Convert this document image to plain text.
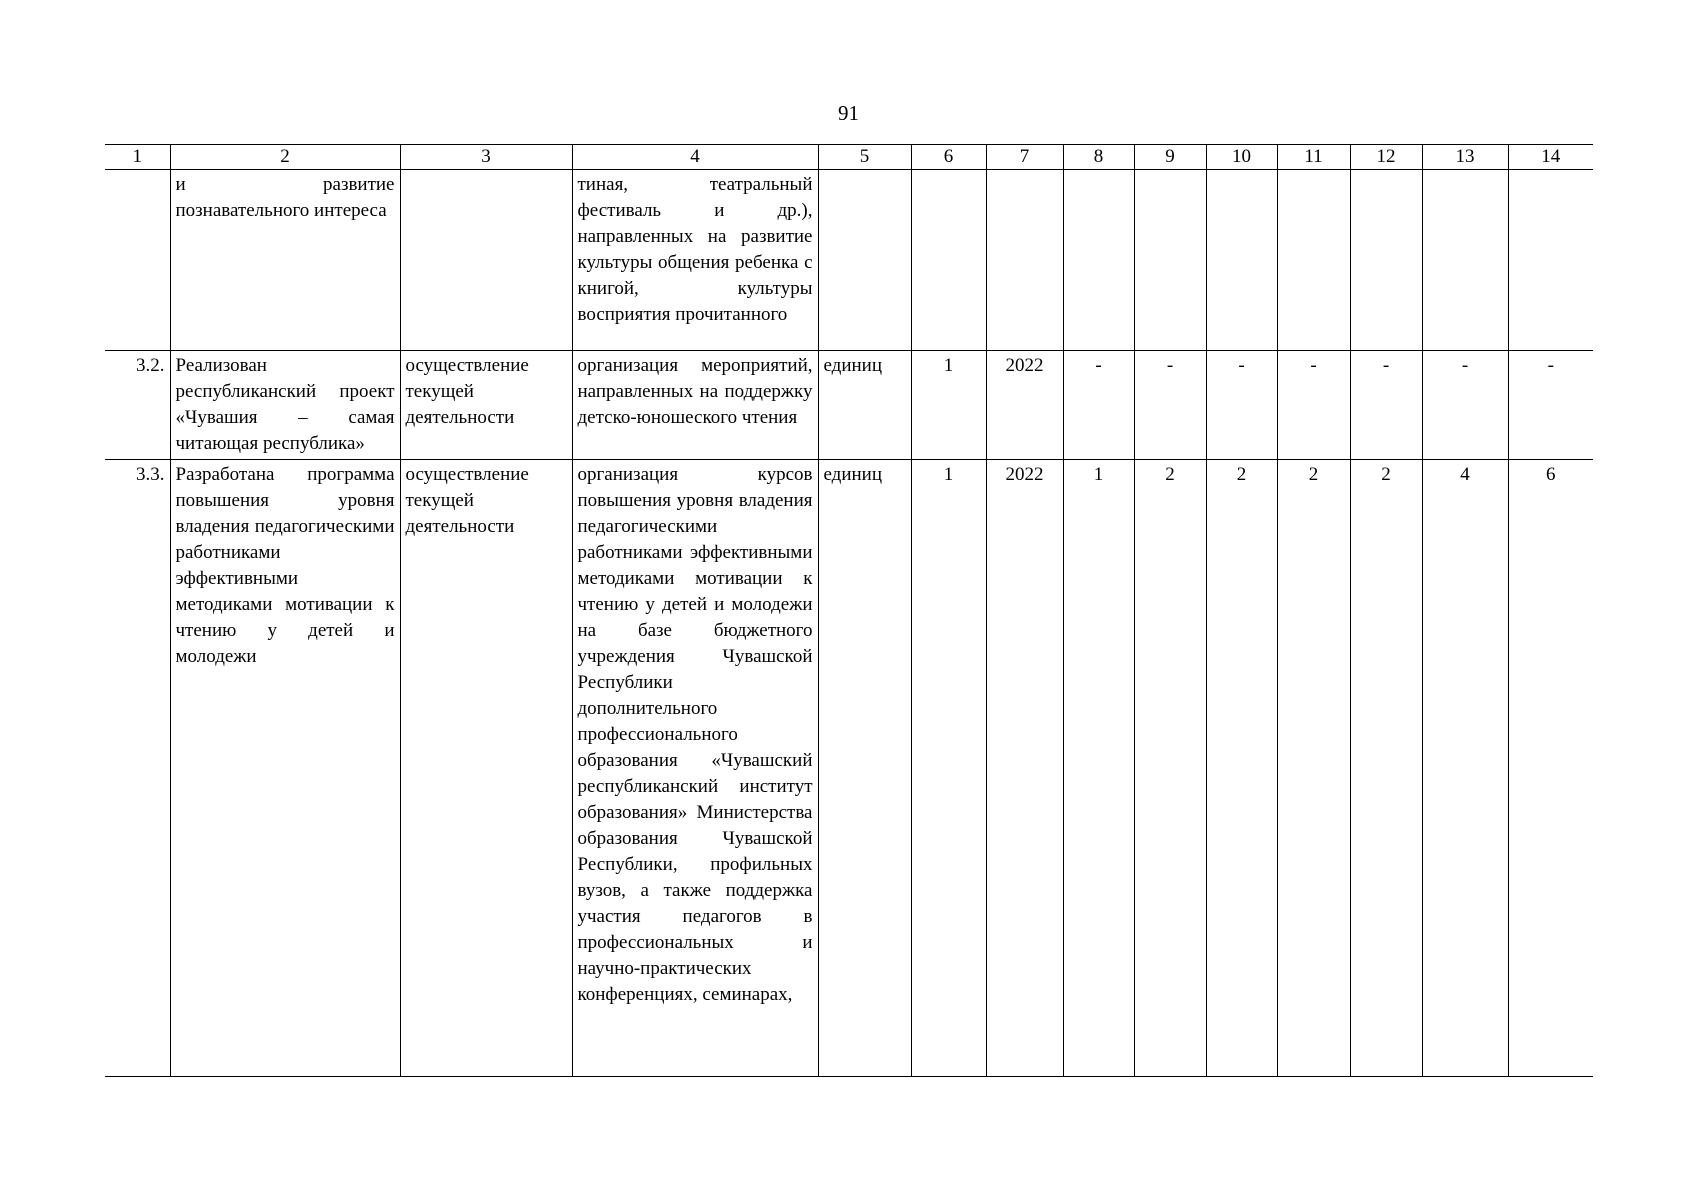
91
1	2	3	4	5	6	7	8	9	10	11	12	13	14
	и развитие познавательного интереса		тиная, театральный фестиваль и др.), направленных на развитие культуры общения ребенка с книгой, культуры восприятия прочитанного										
3.2.	Реализован республиканский проект «Чувашия – самая читающая республика»	осуществление текущей деятельности	организация мероприятий, направленных на поддержку детско-юношеского чтения	единиц	1	2022	-	-	-	-	-	-	-
3.3.	Разработана программа повышения уровня владения педагогическими работниками эффективными методиками мотивации к чтению у детей и молодежи	осуществление текущей деятельности	организация курсов повышения уровня владения педагогическими работниками эффективными методиками мотивации к чтению у детей и молодежи на базе бюджетного учреждения Чувашской Республики дополнительного профессионального образования «Чувашский республиканский институт образования» Министерства образования Чувашской Республики, профильных вузов, а также поддержка участия педагогов в профессиональных и научно-практических конференциях, семинарах,	единиц	1	2022	1	2	2	2	2	4	6
